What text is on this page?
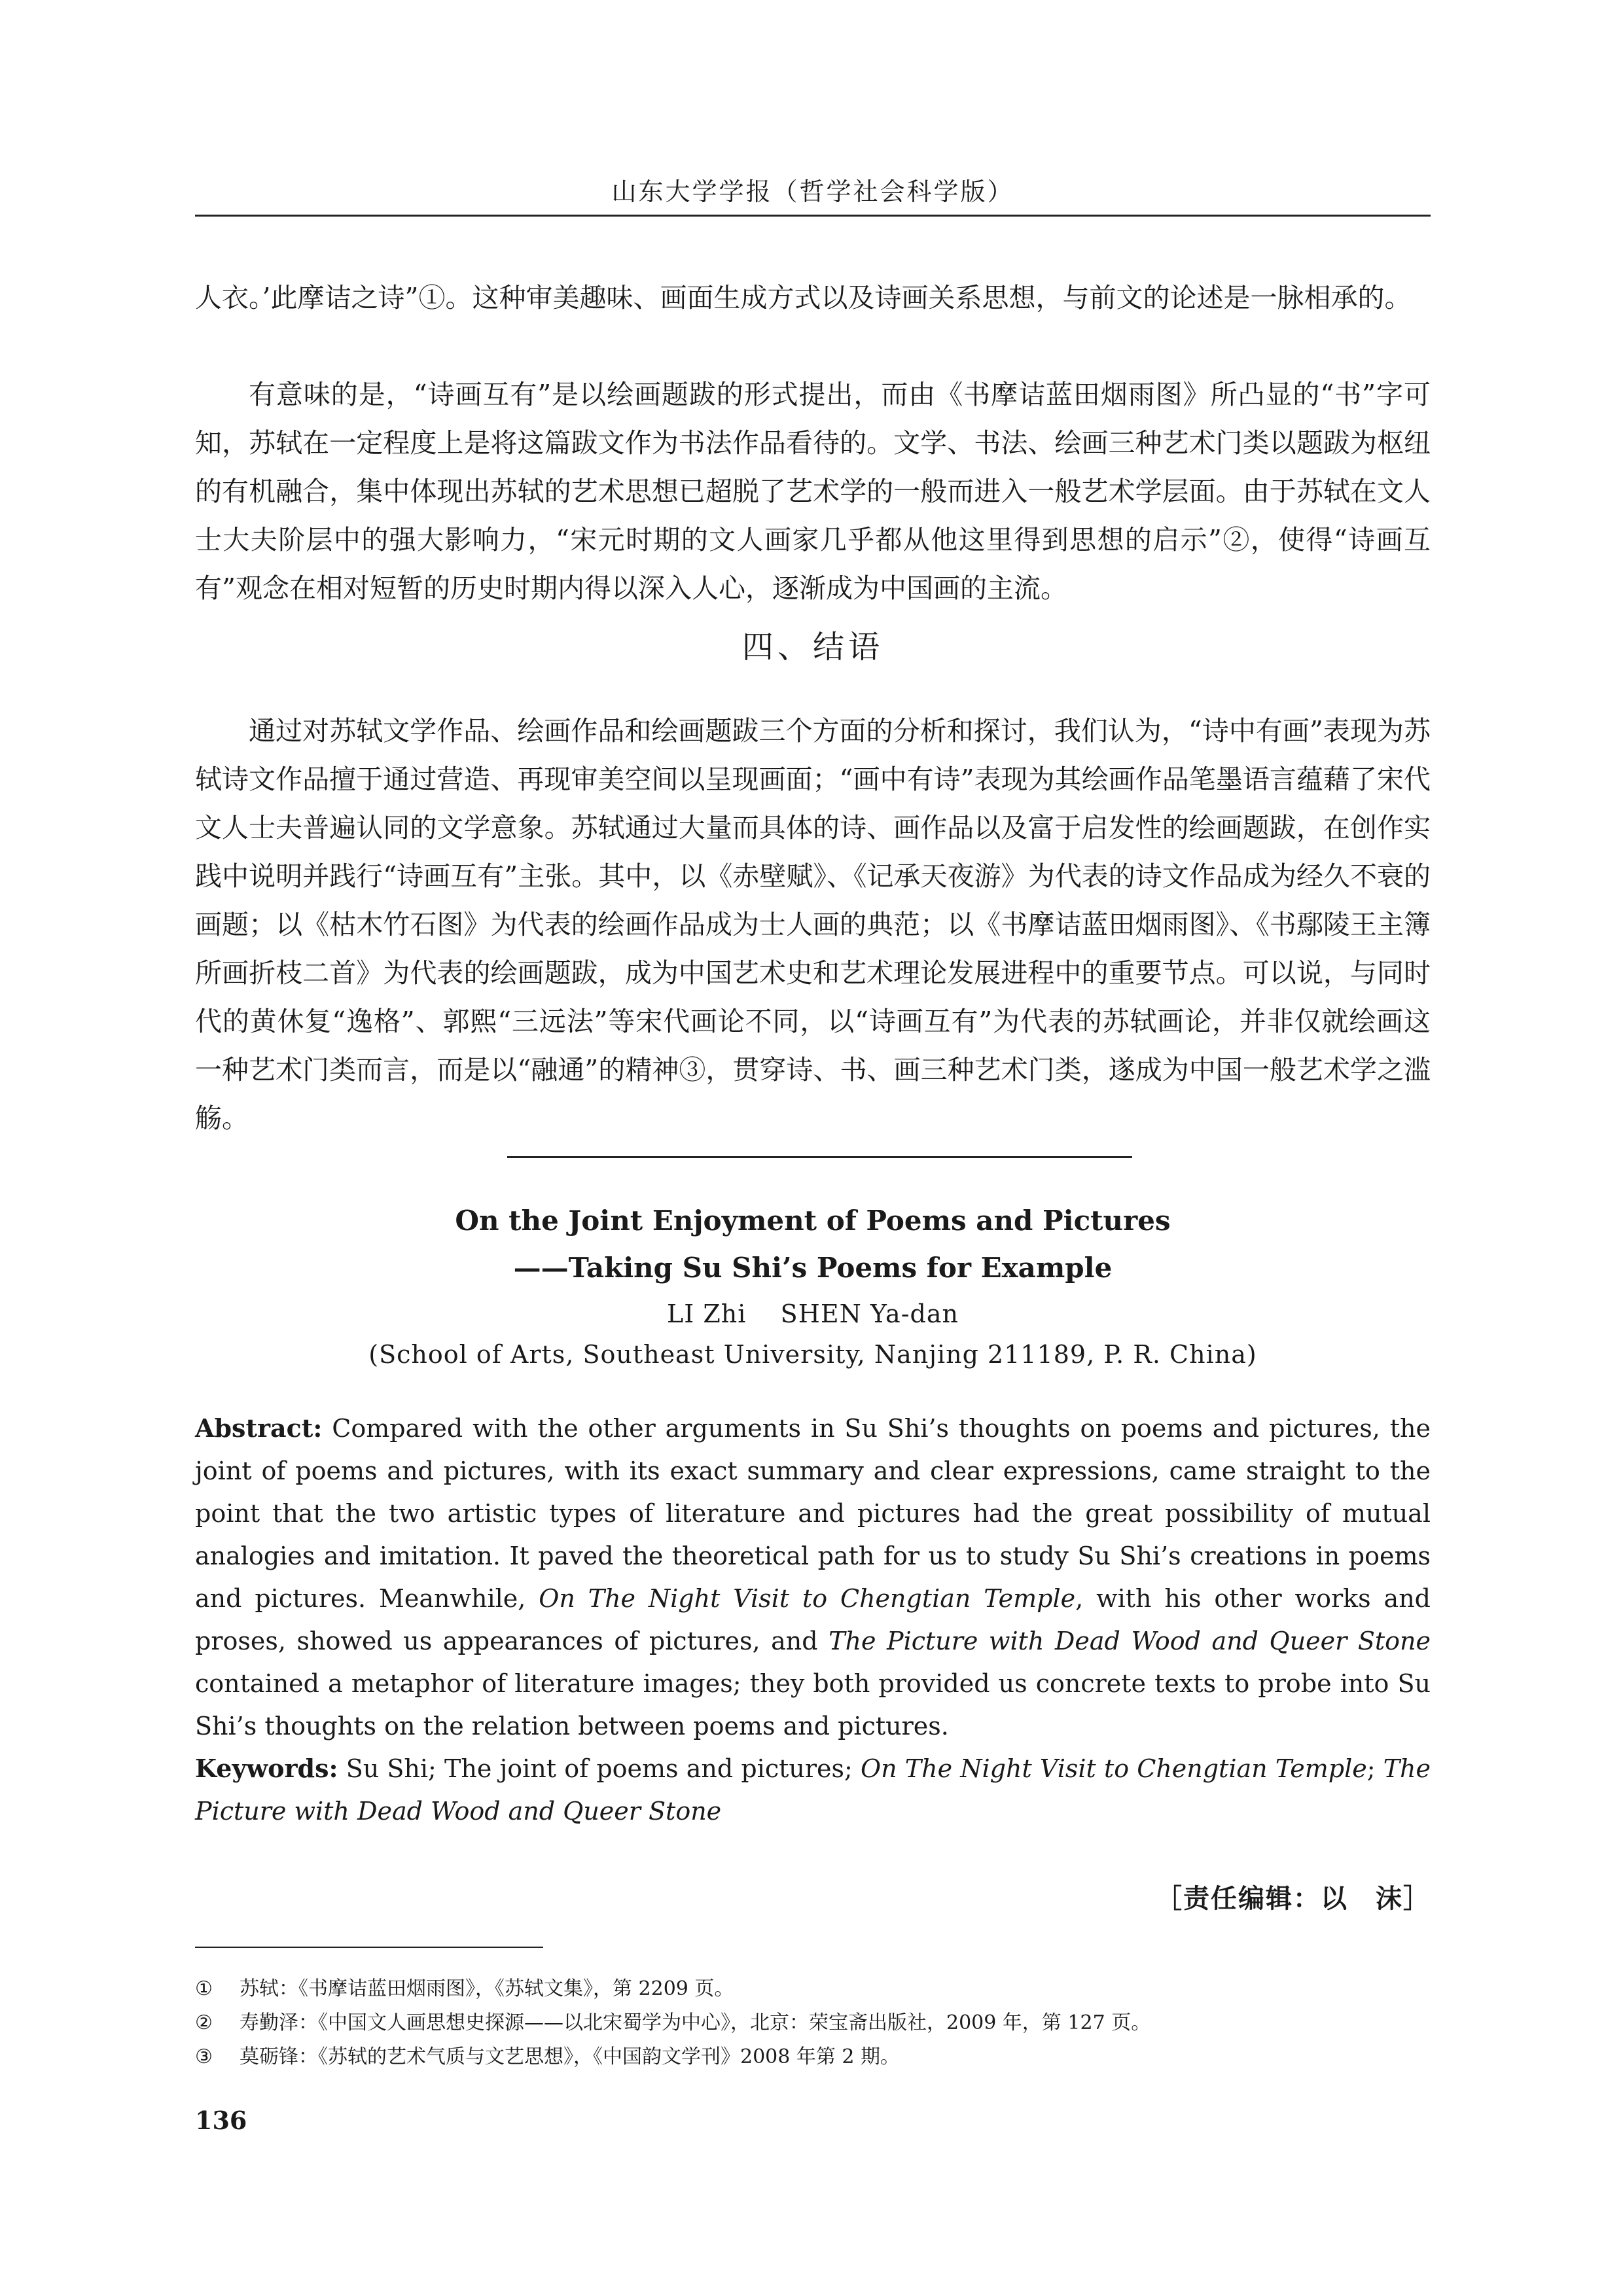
山东大学学报（哲学社会科学版）
人衣。’此摩诘之诗”①。这种审美趣味、画面生成方式以及诗画关系思想，与前文的论述是一脉相承的。
有意味的是，“诗画互有”是以绘画题跋的形式提出，而由《书摩诘蓝田烟雨图》所凸显的“书”字可知，苏轼在一定程度上是将这篇跋文作为书法作品看待的。文学、书法、绘画三种艺术门类以题跋为枢纽的有机融合，集中体现出苏轼的艺术思想已超脱了艺术学的一般而进入一般艺术学层面。由于苏轼在文人士大夫阶层中的强大影响力，“宋元时期的文人画家几乎都从他这里得到思想的启示”②，使得“诗画互有”观念在相对短暂的历史时期内得以深入人心，逐渐成为中国画的主流。
四、结语
通过对苏轼文学作品、绘画作品和绘画题跋三个方面的分析和探讨，我们认为，“诗中有画”表现为苏轼诗文作品擅于通过营造、再现审美空间以呈现画面；“画中有诗”表现为其绘画作品笔墨语言蕴藉了宋代文人士夫普遍认同的文学意象。苏轼通过大量而具体的诗、画作品以及富于启发性的绘画题跋，在创作实践中说明并践行“诗画互有”主张。其中，以《赤壁赋》、《记承天夜游》为代表的诗文作品成为经久不衰的画题；以《枯木竹石图》为代表的绘画作品成为士人画的典范；以《书摩诘蓝田烟雨图》、《书鄢陵王主簿所画折枝二首》为代表的绘画题跋，成为中国艺术史和艺术理论发展进程中的重要节点。可以说，与同时代的黄休复“逸格”、郭熙“三远法”等宋代画论不同，以“诗画互有”为代表的苏轼画论，并非仅就绘画这一种艺术门类而言，而是以“融通”的精神③，贯穿诗、书、画三种艺术门类，遂成为中国一般艺术学之滥觞。
On the Joint Enjoyment of Poems and Pictures
——Taking Su Shi’s Poems for Example
LI Zhi    SHEN Ya-dan
(School of Arts, Southeast University, Nanjing 211189, P. R. China)
Abstract: Compared with the other arguments in Su Shi’s thoughts on poems and pictures, the joint of poems and pictures, with its exact summary and clear expressions, came straight to the point that the two artistic types of literature and pictures had the great possibility of mutual analogies and imitation. It paved the theoretical path for us to study Su Shi’s creations in poems and pictures. Meanwhile, On The Night Visit to Chengtian Temple, with his other works and proses, showed us appearances of pictures, and The Picture with Dead Wood and Queer Stone contained a metaphor of literature images; they both provided us concrete texts to probe into Su Shi’s thoughts on the relation between poems and pictures.
Keywords: Su Shi; The joint of poems and pictures; On The Night Visit to Chengtian Temple; The Picture with Dead Wood and Queer Stone
［责任编辑：以　沫］
① 苏轼：《书摩诘蓝田烟雨图》，《苏轼文集》，第 2209 页。
② 寿勤泽：《中国文人画思想史探源——以北宋蜀学为中心》，北京：荣宝斋出版社，2009 年，第 127 页。
③ 莫砺锋：《苏轼的艺术气质与文艺思想》，《中国韵文学刊》2008 年第 2 期。
136
